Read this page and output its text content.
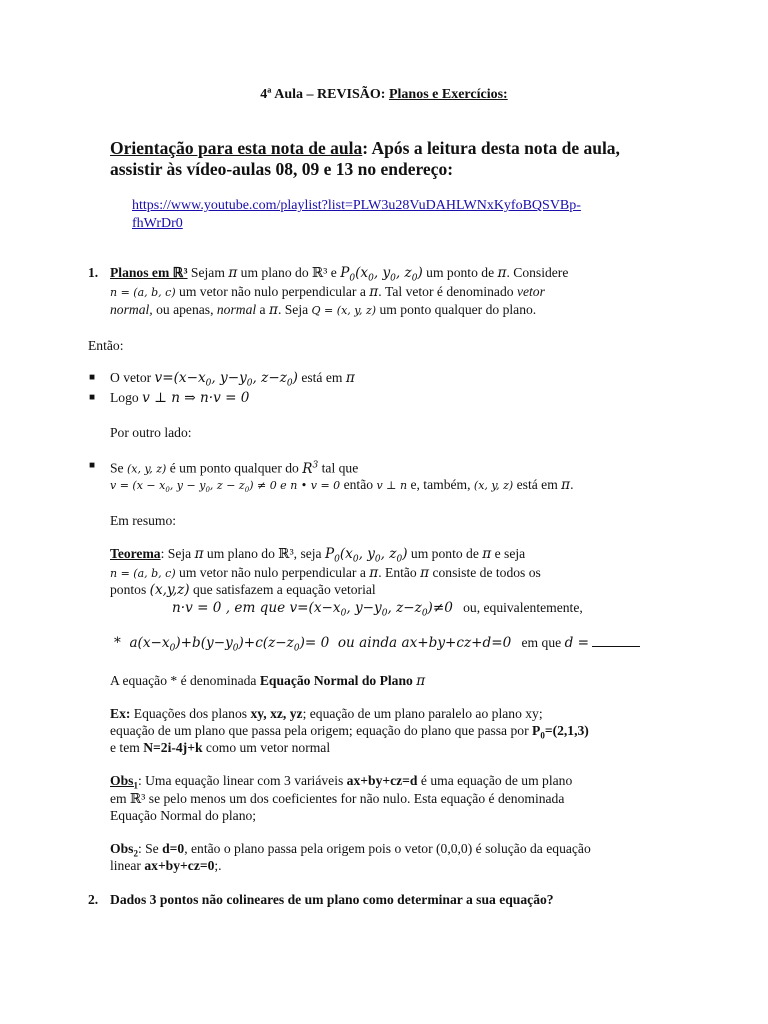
4ª Aula – REVISÃO: Planos e Exercícios:
Orientação para esta nota de aula: Após a leitura desta nota de aula,
assistir às vídeo-aulas 08, 09 e 13 no endereço:
https://www.youtube.com/playlist?list=PLW3u28VuDAHLWNxKyfoBQSVBp-
fhWrDr0
1. Planos em ℝ³ Sejam π um plano do ℝ³ e $P_0(x_0$, $y_0$, $z_0$) um ponto de π. Considere
n = (a, b, c) um vetor não nulo perpendicular a π. Tal vetor é denominado vetor
normal, ou apenas, normal a π. Seja Q = (x, y, z) um ponto qualquer do plano.
Então:
■ O vetor $v=(x-x_0$, $y-y_0$, $z-z_0$) está em π
■ Logo v ⊥ n ⇒ n·v = 0
Por outro lado:
■ Se (x, y, z) é um ponto qualquer do $R^3$ tal que
$v = (x - x_0$, $y - y_0$, $z - z_0) \ne 0$ e n • v = 0 então v ⊥ n e, também, (x, y, z) está em π.
Em resumo:
Teorema: Seja π um plano do ℝ³, seja $P_0(x_0$, $y_0$, $z_0$) um ponto de π e seja
n = (a, b, c) um vetor não nulo perpendicular a π. Então π consiste de todos os
pontos (x,y,z) que satisfazem a equação vetorial
n·v = 0 , em que $v=(x-x_0$, $y-y_0$, $z-z_0)\ne 0$ ou, equivalentemente,
*  $a(x-x_0)+b(y-y_0)+c(z-z_0)= 0$  ou ainda ax+by+cz+d=0 em que d =
A equação * é denominada Equação Normal do Plano π
Ex: Equações dos planos xy, xz, yz; equação de um plano paralelo ao plano xy;
equação de um plano que passa pela origem; equação do plano que passa por $P_0=(2,1,3)$
e tem N=2i-4j+k como um vetor normal
Obs$_1$: Uma equação linear com 3 variáveis ax+by+cz=d é uma equação de um plano
em ℝ³ se pelo menos um dos coeficientes for não nulo. Esta equação é denominada
Equação Normal do plano;
Obs$_2$: Se d=0, então o plano passa pela origem pois o vetor (0,0,0) é solução da equação
linear ax+by+cz=0;.
2. Dados 3 pontos não colineares de um plano como determinar a sua equação?
